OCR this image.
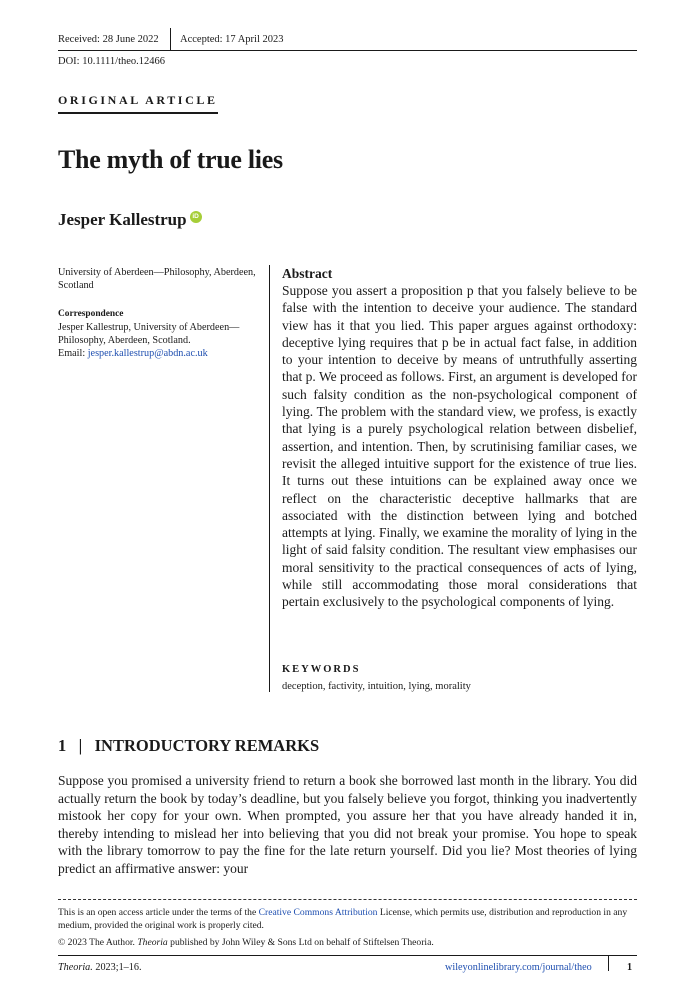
Received: 28 June 2022 Accepted: 17 April 2023
DOI: 10.1111/theo.12466
ORIGINAL ARTICLE
The myth of true lies
Jesper Kallestrup iD
University of Aberdeen—Philosophy, Aberdeen, Scotland
Correspondence
Jesper Kallestrup, University of Aberdeen—Philosophy, Aberdeen, Scotland.
Email: jesper.kallestrup@abdn.ac.uk
Abstract

Suppose you assert a proposition p that you falsely believe to be false with the intention to deceive your audience. The standard view has it that you lied. This paper argues against orthodoxy: deceptive lying requires that p be in actual fact false, in addition to your intention to deceive by means of untruthfully asserting that p. We proceed as follows. First, an argument is developed for such falsity condition as the non-psychological component of lying. The problem with the standard view, we profess, is exactly that lying is a purely psychological relation between disbelief, assertion, and intention. Then, by scrutinising familiar cases, we revisit the alleged intuitive support for the existence of true lies. It turns out these intuitions can be explained away once we reflect on the characteristic deceptive hallmarks that are associated with the distinction between lying and botched attempts at lying. Finally, we examine the morality of lying in the light of said falsity condition. The resultant view emphasises our moral sensitivity to the practical consequences of acts of lying, while still accommodating those moral considerations that pertain exclusively to the psychological components of lying.

KEYWORDS
deception, factivity, intuition, lying, morality
1 | INTRODUCTORY REMARKS

Suppose you promised a university friend to return a book she borrowed last month in the library. You did actually return the book by today’s deadline, but you falsely believe you forgot, thinking you inadvertently mistook her copy for your own. When prompted, you assure her that you have already handed it in, thereby intending to mislead her into believing that you did not break your promise. You hope to speak with the library tomorrow to pay the fine for the late return yourself. Did you lie? Most theories of lying predict an affirmative answer: your

This is an open access article under the terms of the Creative Commons Attribution License, which permits use, distribution and reproduction in any medium, provided the original work is properly cited.
© 2023 The Author. Theoria published by John Wiley & Sons Ltd on behalf of Stiftelsen Theoria.
Theoria. 2023;1–16.	wileyonlinelibrary.com/journal/theo	1
